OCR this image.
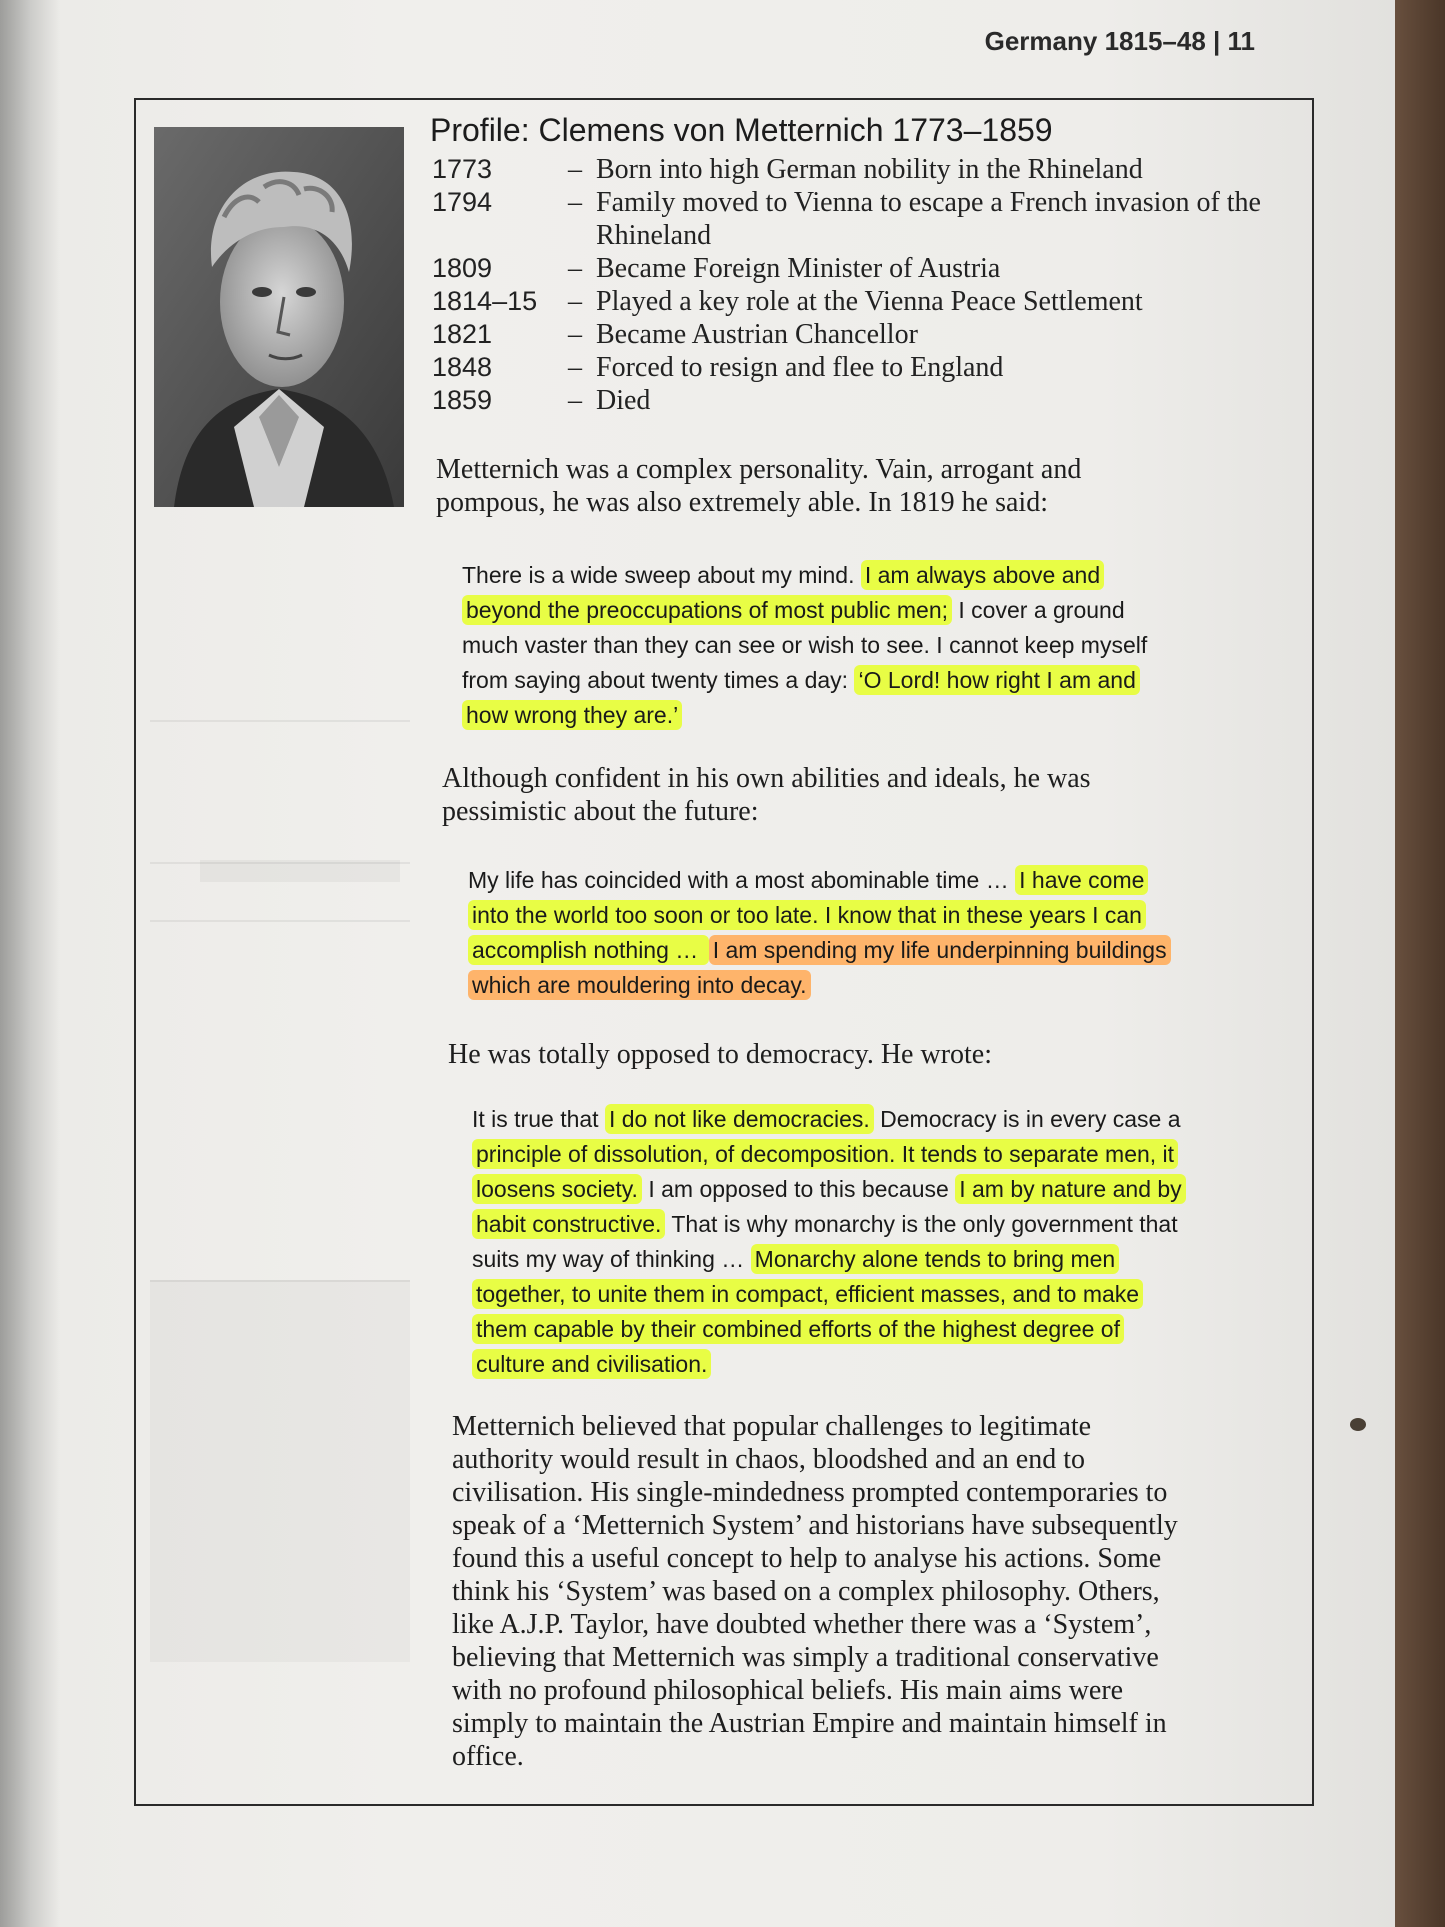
Germany 1815–48 | 11
Profile: Clemens von Metternich 1773–1859
1773	– Born into high German nobility in the Rhineland
1794	– Family moved to Vienna to escape a French invasion of the Rhineland
1809	– Became Foreign Minister of Austria
1814–15	– Played a key role at the Vienna Peace Settlement
1821	– Became Austrian Chancellor
1848	– Forced to resign and flee to England
1859	– Died
Metternich was a complex personality. Vain, arrogant and
pompous, he was also extremely able. In 1819 he said:
There is a wide sweep about my mind. I am always above and
beyond the preoccupations of most public men; I cover a ground
much vaster than they can see or wish to see. I cannot keep myself
from saying about twenty times a day: ‘O Lord! how right I am and
how wrong they are.’
Although confident in his own abilities and ideals, he was
pessimistic about the future:
My life has coincided with a most abominable time … I have come
into the world too soon or too late. I know that in these years I can
accomplish nothing … I am spending my life underpinning buildings
which are mouldering into decay.
He was totally opposed to democracy. He wrote:
It is true that I do not like democracies. Democracy is in every case a
principle of dissolution, of decomposition. It tends to separate men, it
loosens society. I am opposed to this because I am by nature and by
habit constructive. That is why monarchy is the only government that
suits my way of thinking … Monarchy alone tends to bring men
together, to unite them in compact, efficient masses, and to make
them capable by their combined efforts of the highest degree of
culture and civilisation.
Metternich believed that popular challenges to legitimate
authority would result in chaos, bloodshed and an end to
civilisation. His single-mindedness prompted contemporaries to
speak of a ‘Metternich System’ and historians have subsequently
found this a useful concept to help to analyse his actions. Some
think his ‘System’ was based on a complex philosophy. Others,
like A.J.P. Taylor, have doubted whether there was a ‘System’,
believing that Metternich was simply a traditional conservative
with no profound philosophical beliefs. His main aims were
simply to maintain the Austrian Empire and maintain himself in
office.
